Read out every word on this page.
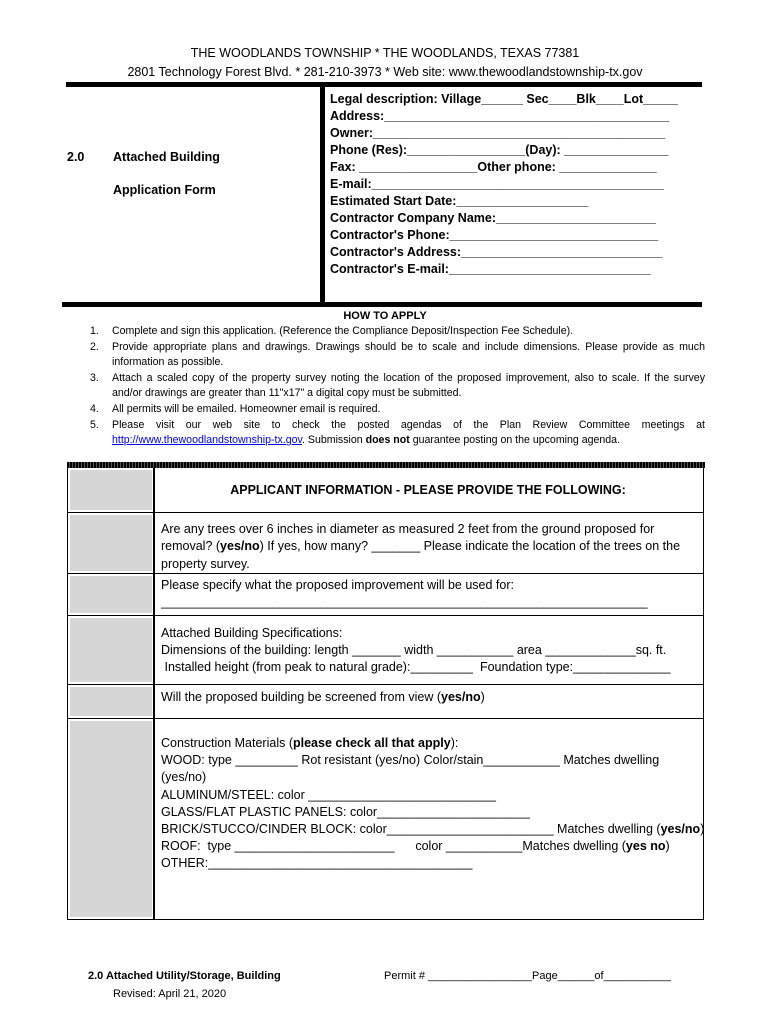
THE WOODLANDS TOWNSHIP * THE WOODLANDS, TEXAS 77381
2801 Technology Forest Blvd. * 281-210-3973 * Web site: www.thewoodlandstownship-tx.gov
2.0 Attached Building
Application Form
Legal description: Village______ Sec____Blk____Lot_____
Address:_________________________________________
Owner:__________________________________________
Phone (Res):_________________(Day): _______________
Fax: _________________Other phone: ______________
E-mail:__________________________________________
Estimated Start Date:___________________
Contractor Company Name:_______________________
Contractor's Phone:______________________________
Contractor's Address:_____________________________
Contractor's E-mail:_____________________________
HOW TO APPLY
1. Complete and sign this application. (Reference the Compliance Deposit/Inspection Fee Schedule).
2. Provide appropriate plans and drawings. Drawings should be to scale and include dimensions. Please provide as much information as possible.
3. Attach a scaled copy of the property survey noting the location of the proposed improvement, also to scale. If the survey and/or drawings are greater than 11"x17" a digital copy must be submitted.
4. All permits will be emailed. Homeowner email is required.
5. Please visit our web site to check the posted agendas of the Plan Review Committee meetings at http://www.thewoodlandstownship-tx.gov. Submission does not guarantee posting on the upcoming agenda.
APPLICANT INFORMATION - PLEASE PROVIDE THE FOLLOWING:
Are any trees over 6 inches in diameter as measured 2 feet from the ground proposed for removal? (yes/no) If yes, how many? _______ Please indicate the location of the trees on the property survey.
Please specify what the proposed improvement will be used for:
______________________________________________________________________
Attached Building Specifications:
Dimensions of the building: length _______ width ___________ area _____________sq. ft.
Installed height (from peak to natural grade):_________  Foundation type:______________
Will the proposed building be screened from view (yes/no)
Construction Materials (please check all that apply):
WOOD: type _________ Rot resistant (yes/no) Color/stain___________ Matches dwelling (yes/no)
ALUMINUM/STEEL: color ___________________________
GLASS/FLAT PLASTIC PANELS: color______________________
BRICK/STUCCO/CINDER BLOCK: color________________________ Matches dwelling (yes/no)
ROOF:  type _______________________      color ___________Matches dwelling (yes no)
OTHER:______________________________________
2.0 Attached Utility/Storage, Building
Revised: April 21, 2020
Permit # _________________Page______of___________
